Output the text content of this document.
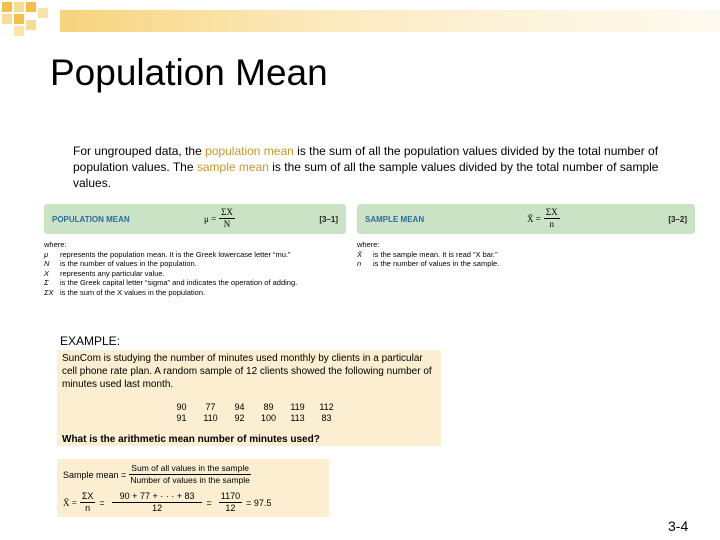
Population Mean
For ungrouped data, the population mean is the sum of all the population values divided by the total number of population values. The sample mean is the sum of all the sample values divided by the total number of sample values.
POPULATION MEAN	$\mu = \frac{\Sigma X}{N}$	[3–1]
where:
μ	represents the population mean. It is the Greek lowercase letter “mu.”
N	is the number of values in the population.
X	represents any particular value.
Σ	is the Greek capital letter “sigma” and indicates the operation of adding.
ΣX is the sum of the X values in the population.
SAMPLE MEAN	X̄ = $\frac{\Sigma X}{n}$	[3–2]
where:
X̄	is the sample mean. It is read “X bar.”
n	is the number of values in the sample.
EXAMPLE:
SunCom is studying the number of minutes used monthly by clients in a particular cell phone rate plan. A random sample of 12 clients showed the following number of minutes used last month.
90	77	94	89	119	112
91	110	92	100	113	83
What is the arithmetic mean number of minutes used?
Sample mean = $\frac{\text{Sum of all values in the sample}}{\text{Number of values in the sample}}$
X̄ = $\frac{\Sigma X}{n} = \frac{90 + 77 + \cdot \cdot \cdot + 83}{12} = \frac{1170}{12} = 97.5$
3-4
